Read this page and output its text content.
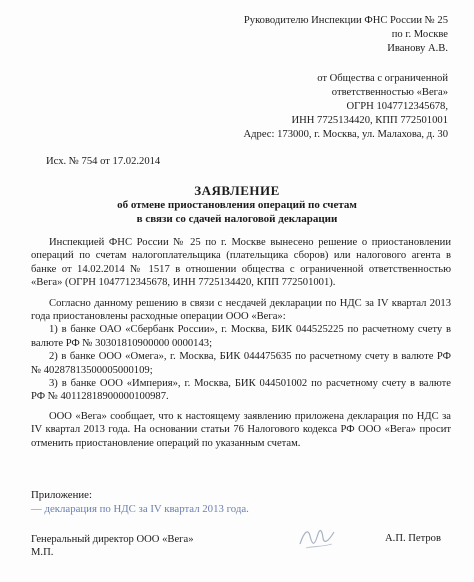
Руководителю Инспекции ФНС России № 25
по г. Москве
Иванову А.В.
от Общества с ограниченной
ответственностью «Вега»
ОГРН 1047712345678,
ИНН 7725134420, КПП 772501001
Адрес: 173000, г. Москва, ул. Малахова, д. 30
Исх. № 754 от 17.02.2014
ЗАЯВЛЕНИЕ
об отмене приостановления операций по счетам
в связи со сдачей налоговой декларации
Инспекцией ФНС России № 25 по г. Москве вынесено решение о приостановлении операций по счетам налогоплательщика (плательщика сборов) или налогового агента в банке от 14.02.2014 № 1517 в отношении общества с ограниченной ответственностью «Вега» (ОГРН 1047712345678, ИНН 7725134420, КПП 772501001).
Согласно данному решению в связи с несдачей декларации по НДС за IV квартал 2013 года приостановлены расходные операции ООО «Вега»:
1) в банке ОАО «Сбербанк России», г. Москва, БИК 044525225 по расчетному счету в валюте РФ № 30301810900000 0000143;
2) в банке ООО «Омега», г. Москва, БИК 044475635 по расчетному счету в валюте РФ № 40287813500005000109;
3) в банке ООО «Империя», г. Москва, БИК 044501002 по расчетному счету в валюте РФ № 40112818900000100987.
ООО «Вега» сообщает, что к настоящему заявлению приложена декларация по НДС за IV квартал 2013 года. На основании статьи 76 Налогового кодекса РФ ООО «Вега» просит отменить приостановление операций по указанным счетам.
Приложение:
— декларация по НДС за IV квартал 2013 года.
Генеральный директор ООО «Вега»
М.П.
А.П. Петров
